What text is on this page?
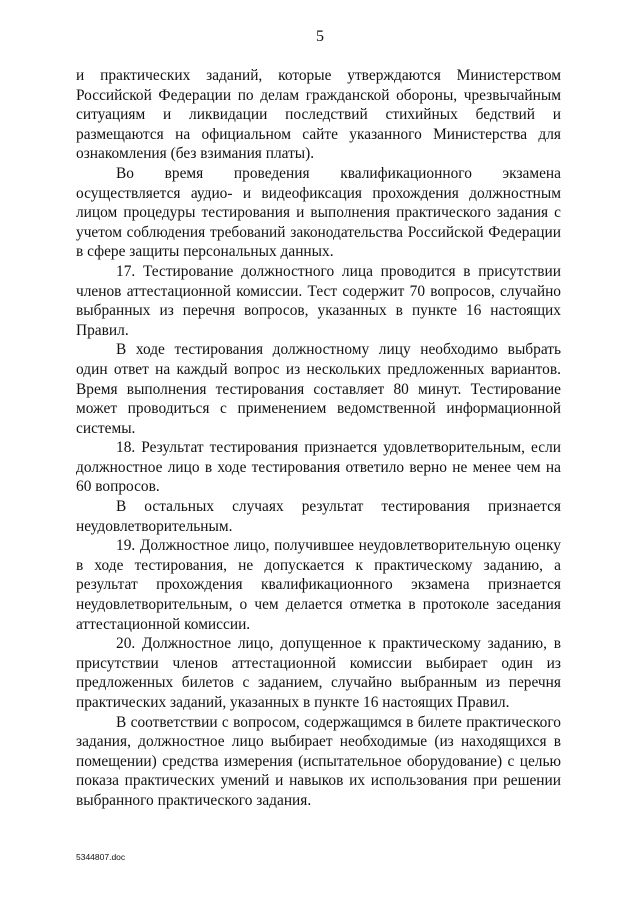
5

и практических заданий, которые утверждаются Министерством Российской Федерации по делам гражданской обороны, чрезвычайным ситуациям и ликвидации последствий стихийных бедствий и размещаются на официальном сайте указанного Министерства для ознакомления (без взимания платы).

Во время проведения квалификационного экзамена осуществляется аудио- и видеофиксация прохождения должностным лицом процедуры тестирования и выполнения практического задания с учетом соблюдения требований законодательства Российской Федерации в сфере защиты персональных данных.

17. Тестирование должностного лица проводится в присутствии членов аттестационной комиссии. Тест содержит 70 вопросов, случайно выбранных из перечня вопросов, указанных в пункте 16 настоящих Правил.

В ходе тестирования должностному лицу необходимо выбрать один ответ на каждый вопрос из нескольких предложенных вариантов. Время выполнения тестирования составляет 80 минут. Тестирование может проводиться с применением ведомственной информационной системы.

18. Результат тестирования признается удовлетворительным, если должностное лицо в ходе тестирования ответило верно не менее чем на 60 вопросов.

В остальных случаях результат тестирования признается неудовлетворительным.

19. Должностное лицо, получившее неудовлетворительную оценку в ходе тестирования, не допускается к практическому заданию, а результат прохождения квалификационного экзамена признается неудовлетворительным, о чем делается отметка в протоколе заседания аттестационной комиссии.

20. Должностное лицо, допущенное к практическому заданию, в присутствии членов аттестационной комиссии выбирает один из предложенных билетов с заданием, случайно выбранным из перечня практических заданий, указанных в пункте 16 настоящих Правил.

В соответствии с вопросом, содержащимся в билете практического задания, должностное лицо выбирает необходимые (из находящихся в помещении) средства измерения (испытательное оборудование) с целью показа практических умений и навыков их использования при решении выбранного практического задания.

5344807.doc
